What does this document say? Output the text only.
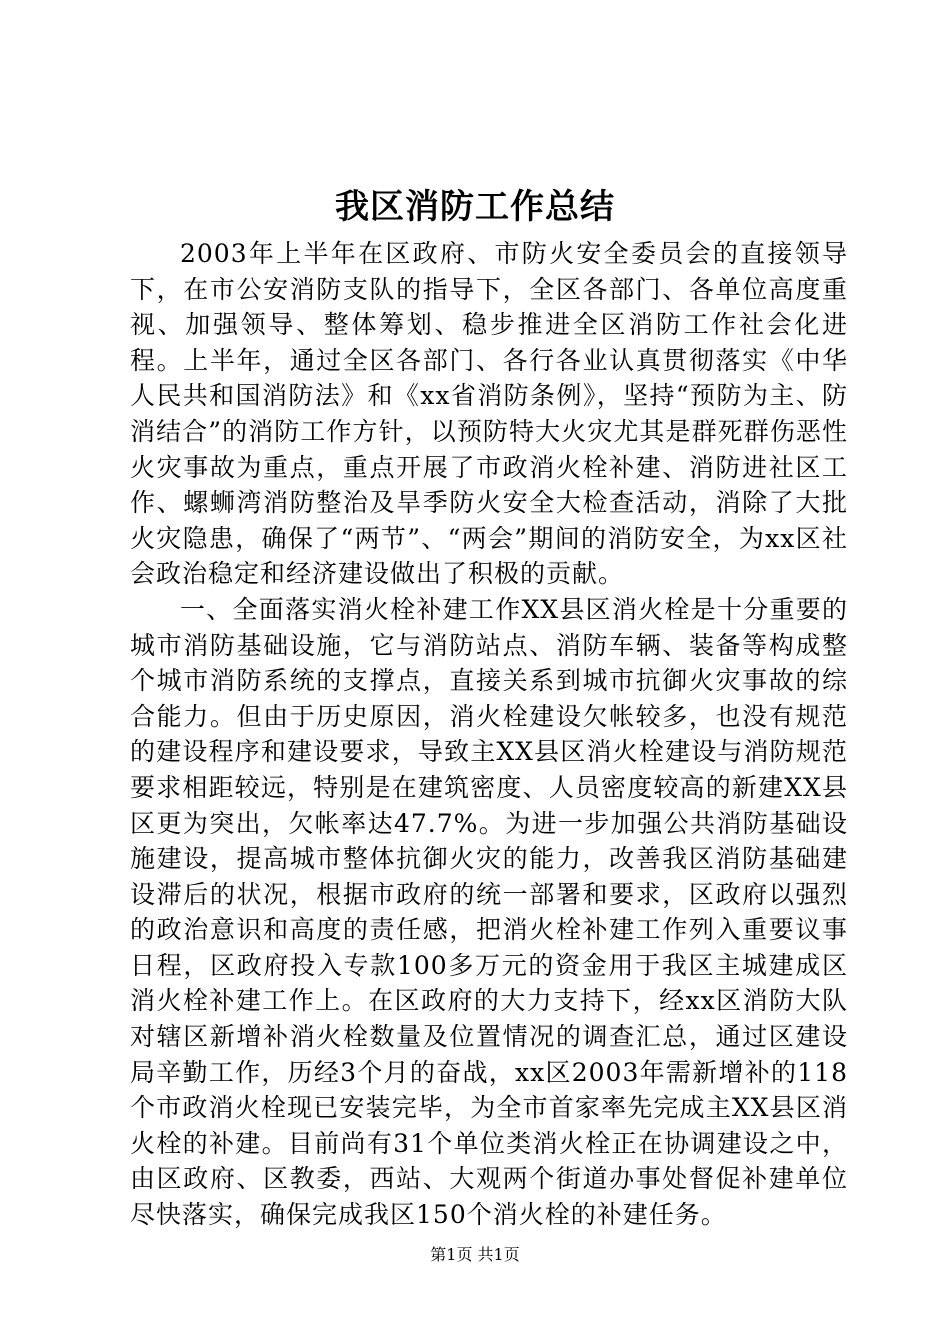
我区消防工作总结

2003年上半年在区政府、市防火安全委员会的直接领导下，在市公安消防支队的指导下，全区各部门、各单位高度重视、加强领导、整体筹划、稳步推进全区消防工作社会化进程。上半年，通过全区各部门、各行各业认真贯彻落实《中华人民共和国消防法》和《xx省消防条例》，坚持“预防为主、防消结合”的消防工作方针，以预防特大火灾尤其是群死群伤恶性火灾事故为重点，重点开展了市政消火栓补建、消防进社区工作、螺蛳湾消防整治及旱季防火安全大检查活动，消除了大批火灾隐患，确保了“两节”、“两会”期间的消防安全，为xx区社会政治稳定和经济建设做出了积极的贡献。

一、全面落实消火栓补建工作XX县区消火栓是十分重要的城市消防基础设施，它与消防站点、消防车辆、装备等构成整个城市消防系统的支撑点，直接关系到城市抗御火灾事故的综合能力。但由于历史原因，消火栓建设欠帐较多，也没有规范的建设程序和建设要求，导致主XX县区消火栓建设与消防规范要求相距较远，特别是在建筑密度、人员密度较高的新建XX县区更为突出，欠帐率达47.7%。为进一步加强公共消防基础设施建设，提高城市整体抗御火灾的能力，改善我区消防基础建设滞后的状况，根据市政府的统一部署和要求，区政府以强烈的政治意识和高度的责任感，把消火栓补建工作列入重要议事日程，区政府投入专款100多万元的资金用于我区主城建成区消火栓补建工作上。在区政府的大力支持下，经xx区消防大队对辖区新增补消火栓数量及位置情况的调查汇总，通过区建设局辛勤工作，历经3个月的奋战，xx区2003年需新增补的118个市政消火栓现已安装完毕，为全市首家率先完成主XX县区消火栓的补建。目前尚有31个单位类消火栓正在协调建设之中，由区政府、区教委，西站、大观两个街道办事处督促补建单位尽快落实，确保完成我区150个消火栓的补建任务。

第1页 共1页
